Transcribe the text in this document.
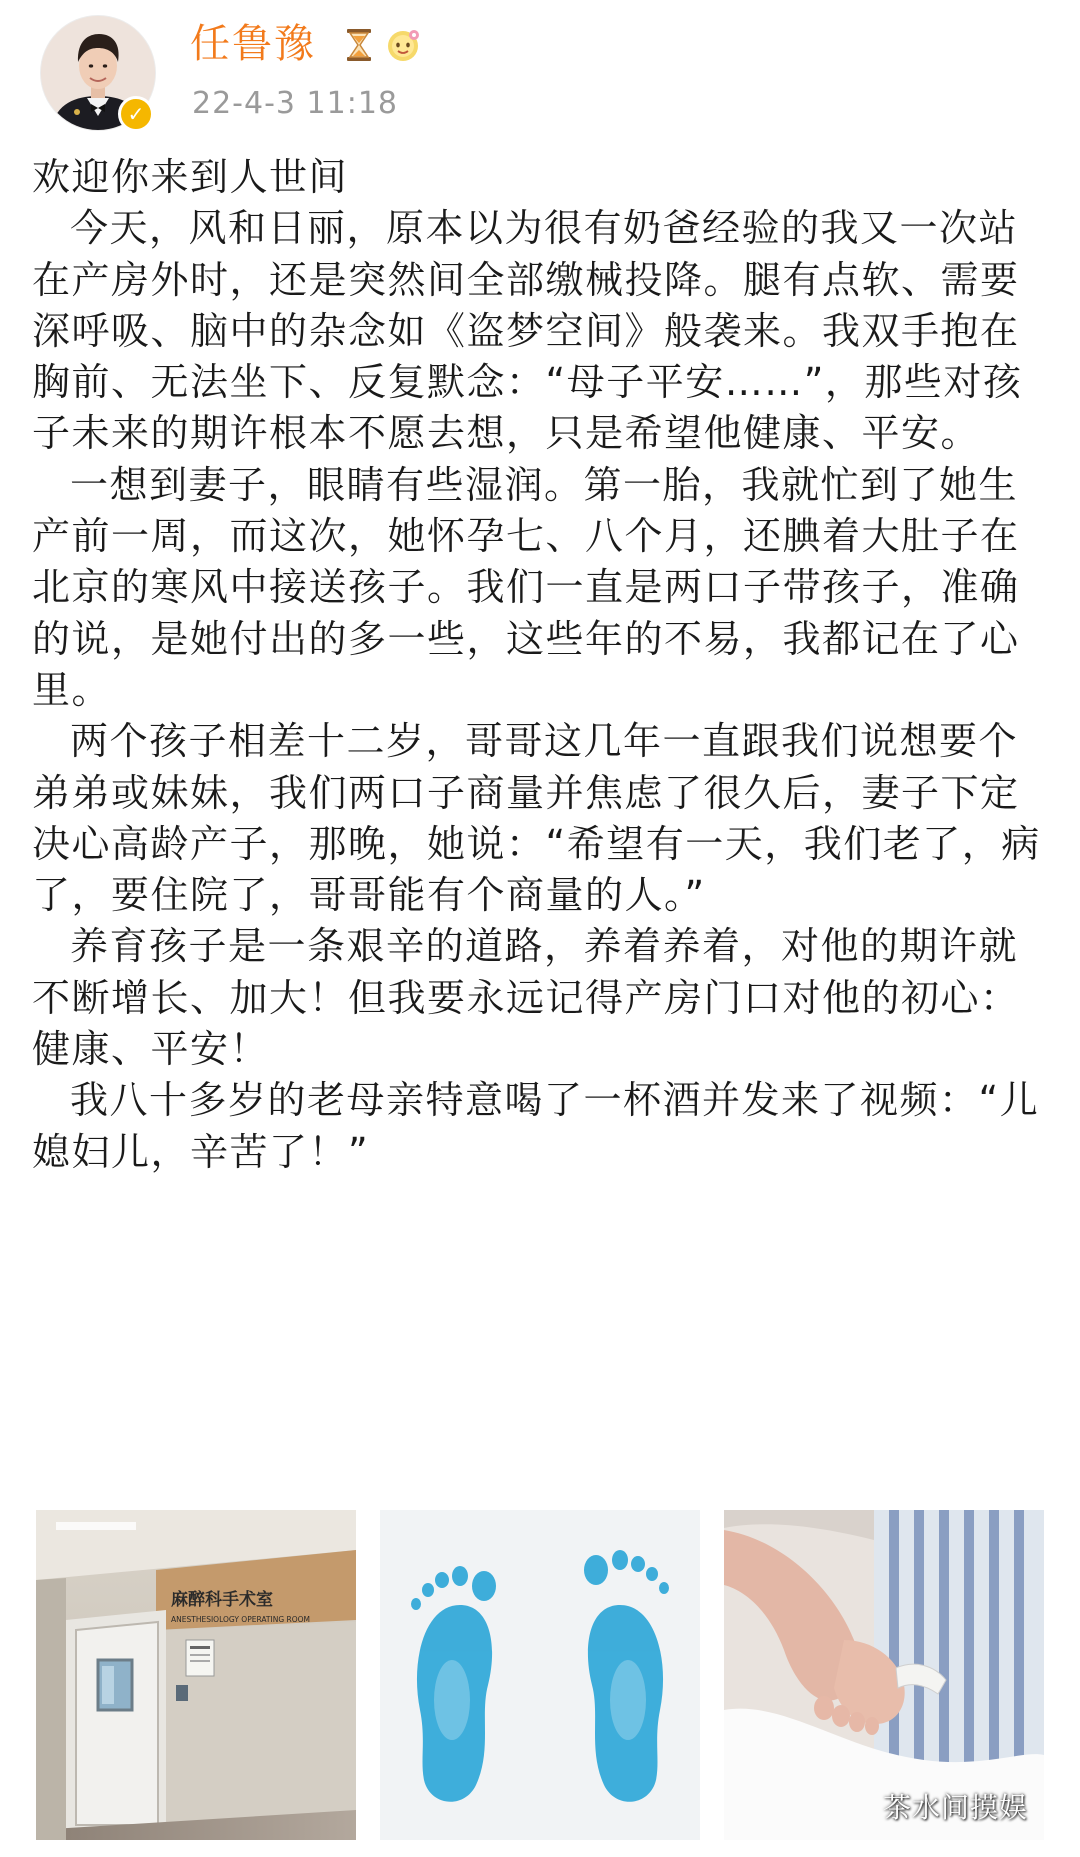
✓
任鲁豫
22-4-3 11:18
欢迎你来到人世间

今天，风和日丽，原本以为很有奶爸经验的我又一次站在产房外时，还是突然间全部缴械投降。腿有点软、需要深呼吸、脑中的杂念如《盗梦空间》般袭来。我双手抱在胸前、无法坐下、反复默念：“母子平安……”，那些对孩子未来的期许根本不愿去想，只是希望他健康、平安。

一想到妻子，眼睛有些湿润。第一胎，我就忙到了她生产前一周，而这次，她怀孕七、八个月，还腆着大肚子在北京的寒风中接送孩子。我们一直是两口子带孩子，准确的说，是她付出的多一些，这些年的不易，我都记在了心里。

两个孩子相差十二岁，哥哥这几年一直跟我们说想要个弟弟或妹妹，我们两口子商量并焦虑了很久后，妻子下定决心高龄产子，那晚，她说：“希望有一天，我们老了，病了，要住院了，哥哥能有个商量的人。”

养育孩子是一条艰辛的道路，养着养着，对他的期许就不断增长、加大！但我要永远记得产房门口对他的初心：健康、平安！

我八十多岁的老母亲特意喝了一杯酒并发来了视频：“儿媳妇儿，辛苦了！”

麻醉科手术室
ANESTHESIOLOGY OPERATING ROOM
茶水间摸娱
